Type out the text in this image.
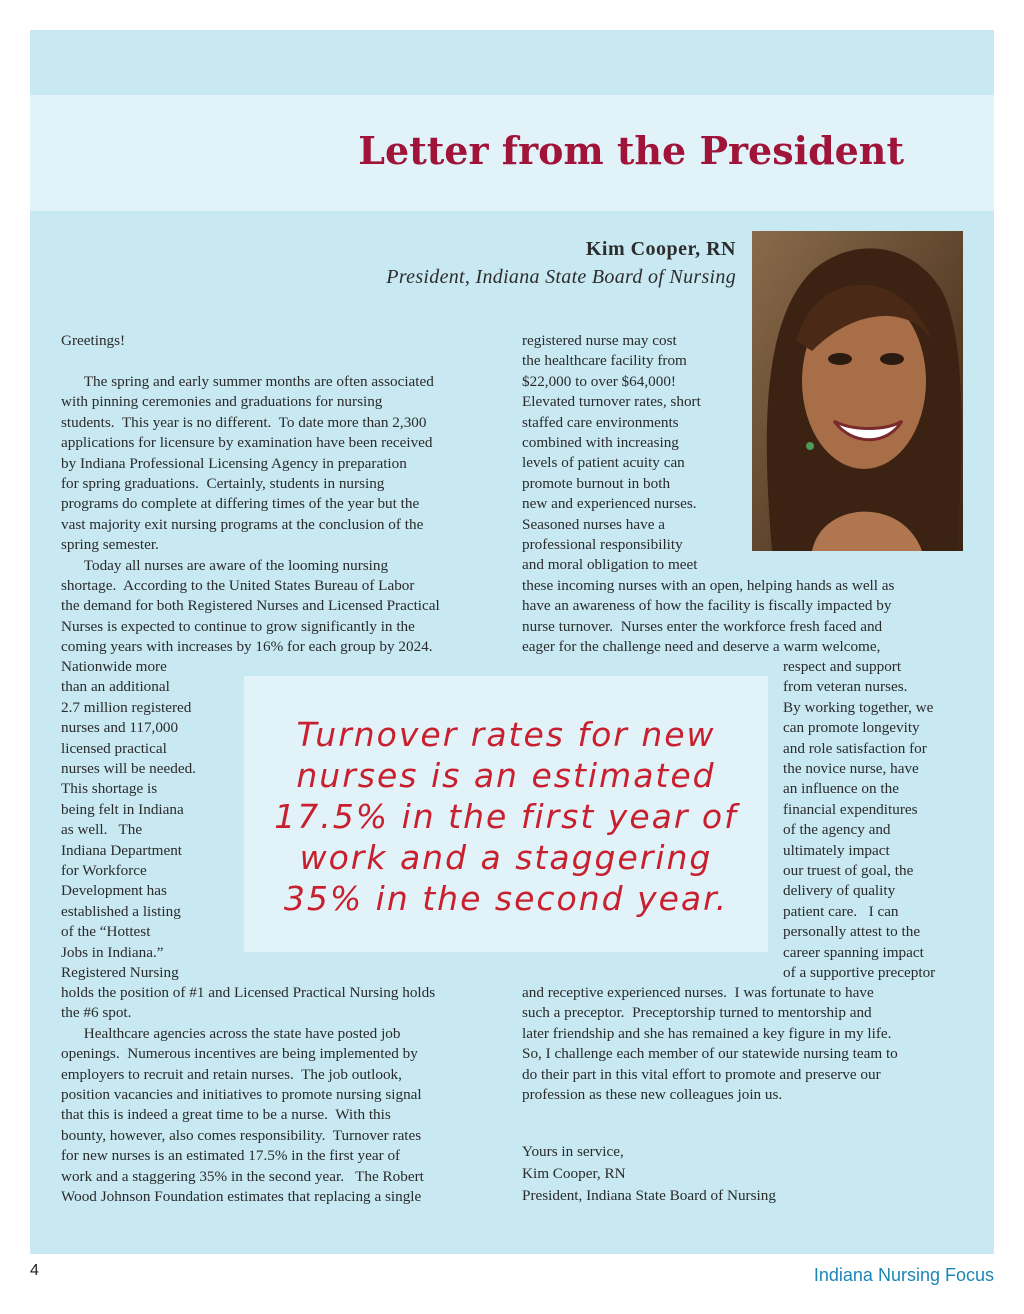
Letter from the President
Kim Cooper, RN
President, Indiana State Board of Nursing

Greetings!

The spring and early summer months are often associated
with pinning ceremonies and graduations for nursing
students.  This year is no different.  To date more than 2,300
applications for licensure by examination have been received
by Indiana Professional Licensing Agency in preparation
for spring graduations.  Certainly, students in nursing
programs do complete at differing times of the year but the
vast majority exit nursing programs at the conclusion of the
spring semester.
Today all nurses are aware of the looming nursing
shortage.  According to the United States Bureau of Labor
the demand for both Registered Nurses and Licensed Practical
Nurses is expected to continue to grow significantly in the
coming years with increases by 16% for each group by 2024.

Nationwide more
than an additional
2.7 million registered
nurses and 117,000
licensed practical
nurses will be needed.
This shortage is
being felt in Indiana
as well.   The
Indiana Department
for Workforce
Development has
established a listing
of the “Hottest
Jobs in Indiana.”
Registered Nursing

holds the position of #1 and Licensed Practical Nursing holds
the #6 spot.
Healthcare agencies across the state have posted job
openings.  Numerous incentives are being implemented by
employers to recruit and retain nurses.  The job outlook,
position vacancies and initiatives to promote nursing signal
that this is indeed a great time to be a nurse.  With this
bounty, however, also comes responsibility.  Turnover rates
for new nurses is an estimated 17.5% in the first year of
work and a staggering 35% in the second year.   The Robert
Wood Johnson Foundation estimates that replacing a single

registered nurse may cost
the healthcare facility from
$22,000 to over $64,000!
Elevated turnover rates, short
staffed care environments
combined with increasing
levels of patient acuity can
promote burnout in both
new and experienced nurses.
Seasoned nurses have a
professional responsibility
and moral obligation to meet

these incoming nurses with an open, helping hands as well as
have an awareness of how the facility is fiscally impacted by
nurse turnover.  Nurses enter the workforce fresh faced and
eager for the challenge need and deserve a warm welcome,

respect and support
from veteran nurses.
By working together, we
can promote longevity
and role satisfaction for
the novice nurse, have
an influence on the
financial expenditures
of the agency and
ultimately impact
our truest of goal, the
delivery of quality
patient care.   I can
personally attest to the
career spanning impact
of a supportive preceptor

and receptive experienced nurses.  I was fortunate to have
such a preceptor.  Preceptorship turned to mentorship and
later friendship and she has remained a key figure in my life.
So, I challenge each member of our statewide nursing team to
do their part in this vital effort to promote and preserve our
profession as these new colleagues join us.

Yours in service,
Kim Cooper, RN
President, Indiana State Board of Nursing

Turnover rates for new
nurses is an estimated
17.5% in the first year of
work and a staggering
35% in the second year.

4	Indiana Nursing Focus
